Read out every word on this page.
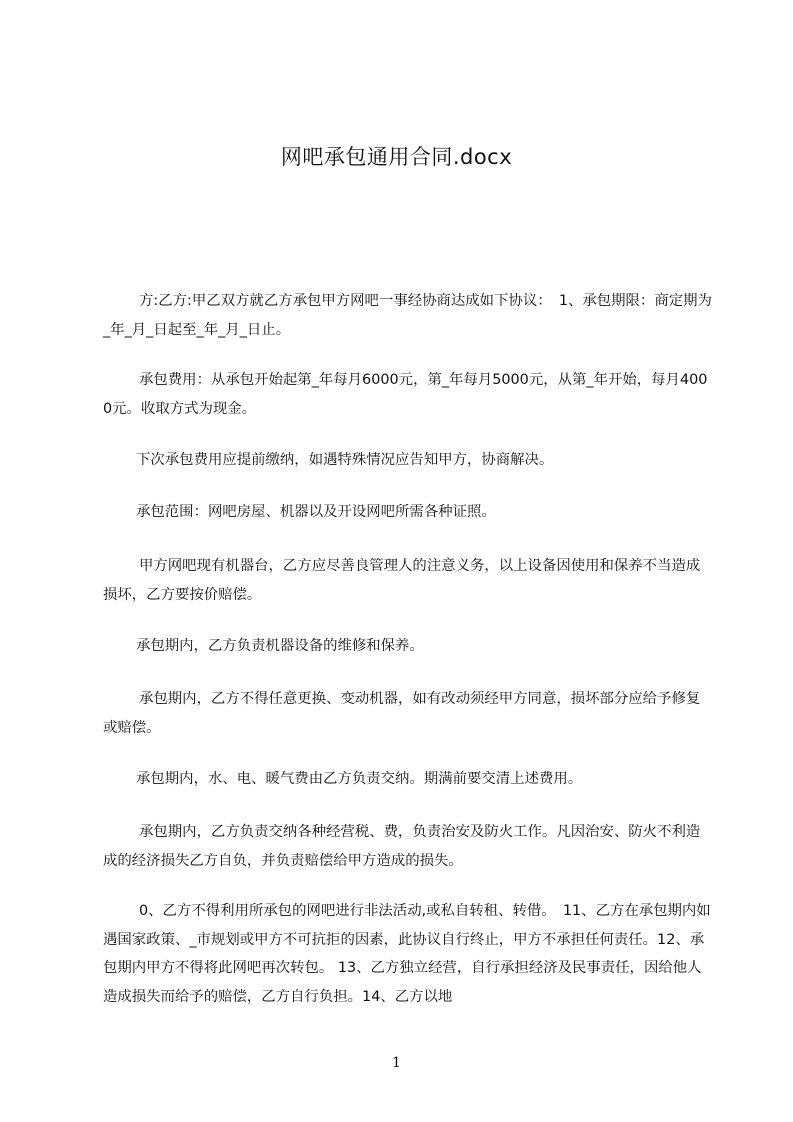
网吧承包通用合同.docx

方:乙方:甲乙双方就乙方承包甲方网吧一事经协商达成如下协议：　1、承包期限：商定期为_年_月_日起至_年_月_日止。

承包费用：从承包开始起第_年每月6000元，第_年每月5000元，从第_年开始，每月4000元。收取方式为现金。

下次承包费用应提前缴纳，如遇特殊情况应告知甲方，协商解决。

承包范围：网吧房屋、机器以及开设网吧所需各种证照。

甲方网吧现有机器台，乙方应尽善良管理人的注意义务，以上设备因使用和保养不当造成损坏，乙方要按价赔偿。

承包期内，乙方负责机器设备的维修和保养。

承包期内，乙方不得任意更换、变动机器，如有改动须经甲方同意，损坏部分应给予修复或赔偿。

承包期内，水、电、暖气费由乙方负责交纳。期满前要交清上述费用。

承包期内，乙方负责交纳各种经营税、费，负责治安及防火工作。凡因治安、防火不利造成的经济损失乙方自负，并负责赔偿给甲方造成的损失。

0、乙方不得利用所承包的网吧进行非法活动,或私自转租、转借。　11、乙方在承包期内如遇国家政策、_市规划或甲方不可抗拒的因素，此协议自行终止，甲方不承担任何责任。12、承包期内甲方不得将此网吧再次转包。 13、乙方独立经营，自行承担经济及民事责任，因给他人造成损失而给予的赔偿，乙方自行负担。14、乙方以地

1
